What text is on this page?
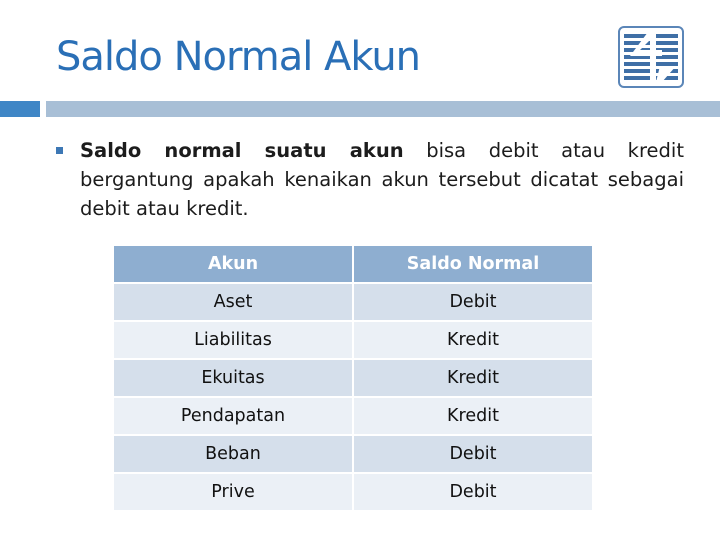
Saldo Normal Akun
Saldo normal suatu akun bisa debit atau kredit bergantung apakah kenaikan akun tersebut dicatat sebagai debit atau kredit.
Akun	Saldo Normal
Aset	Debit
Liabilitas	Kredit
Ekuitas	Kredit
Pendapatan	Kredit
Beban	Debit
Prive	Debit
